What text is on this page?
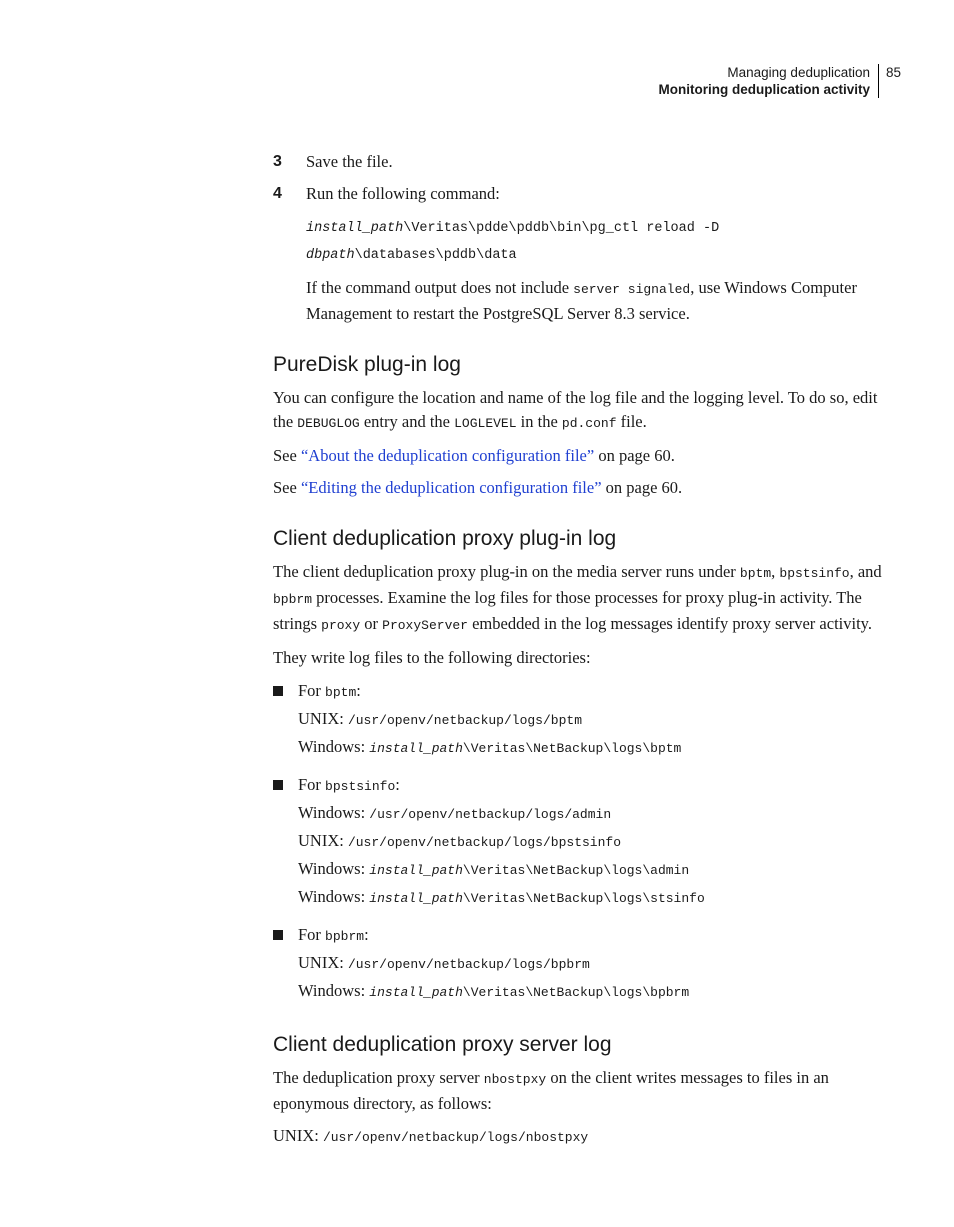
Managing deduplication
Monitoring deduplication activity
85
3 Save the file.
4 Run the following command:
install_path\Veritas\pdde\pddb\bin\pg_ctl reload -D
dbpath\databases\pddb\data

If the command output does not include server signaled, use Windows Computer Management to restart the PostgreSQL Server 8.3 service.

PureDisk plug-in log

You can configure the location and name of the log file and the logging level. To do so, edit the DEBUGLOG entry and the LOGLEVEL in the pd.conf file.

See “About the deduplication configuration file” on page 60.

See “Editing the deduplication configuration file” on page 60.

Client deduplication proxy plug-in log

The client deduplication proxy plug-in on the media server runs under bptm, bpstsinfo, and bpbrm processes. Examine the log files for those processes for proxy plug-in activity. The strings proxy or ProxyServer embedded in the log messages identify proxy server activity.

They write log files to the following directories:

For bptm:
UNIX: /usr/openv/netbackup/logs/bptm
Windows: install_path\Veritas\NetBackup\logs\bptm
For bpstsinfo:
Windows: /usr/openv/netbackup/logs/admin
UNIX: /usr/openv/netbackup/logs/bpstsinfo
Windows: install_path\Veritas\NetBackup\logs\admin
Windows: install_path\Veritas\NetBackup\logs\stsinfo
For bpbrm:
UNIX: /usr/openv/netbackup/logs/bpbrm
Windows: install_path\Veritas\NetBackup\logs\bpbrm
Client deduplication proxy server log

The deduplication proxy server nbostpxy on the client writes messages to files in an eponymous directory, as follows:

UNIX: /usr/openv/netbackup/logs/nbostpxy
